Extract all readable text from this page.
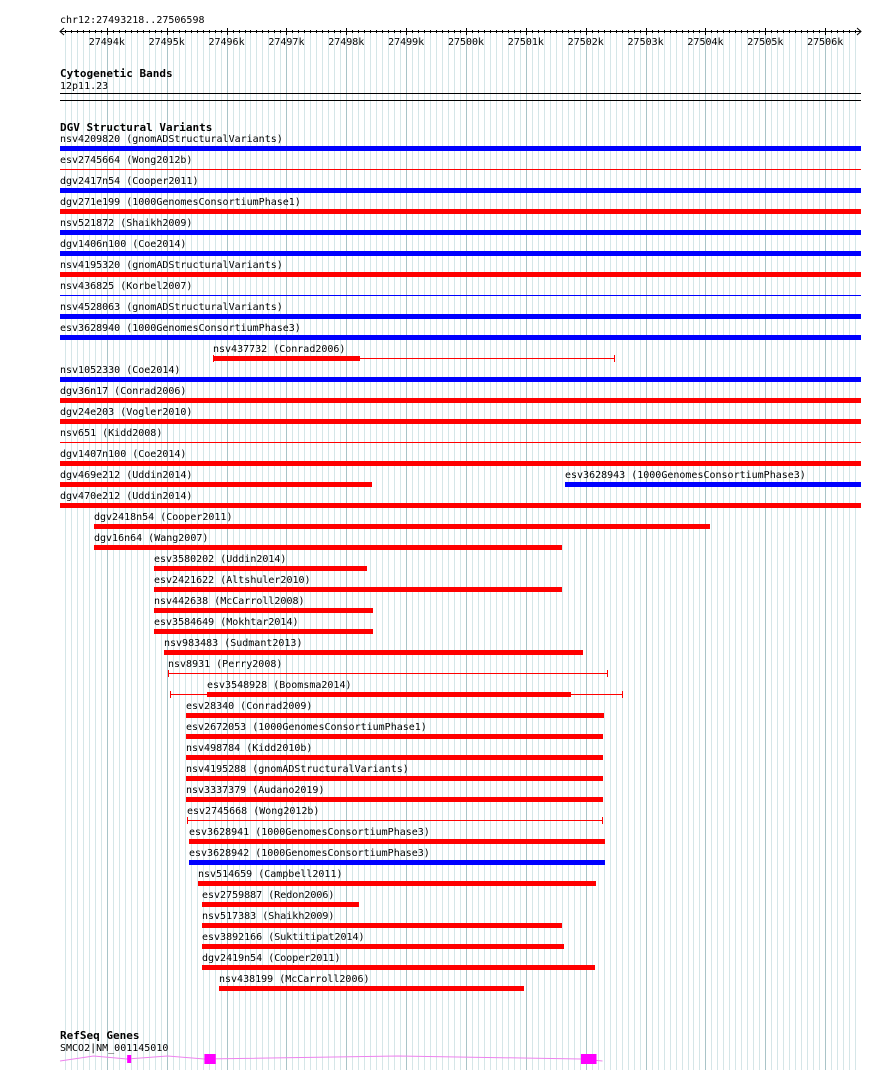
chr12:27493218..27506598
27494k 27495k 27496k 27497k 27498k 27499k 27500k 27501k 27502k 27503k 27504k 27505k 27506k
Cytogenetic Bands
12p11.23
DGV Structural Variants
nsv4209820 (gnomADStructuralVariants)
esv2745664 (Wong2012b)
dgv2417n54 (Cooper2011)
dgv271e199 (1000GenomesConsortiumPhase1)
nsv521872 (Shaikh2009)
dgv1406n100 (Coe2014)
nsv4195320 (gnomADStructuralVariants)
nsv436825 (Korbel2007)
nsv4528063 (gnomADStructuralVariants)
esv3628940 (1000GenomesConsortiumPhase3)
nsv437732 (Conrad2006)
nsv1052330 (Coe2014)
dgv36n17 (Conrad2006)
dgv24e203 (Vogler2010)
nsv651 (Kidd2008)
dgv1407n100 (Coe2014)
dgv469e212 (Uddin2014)	esv3628943 (1000GenomesConsortiumPhase3)
dgv470e212 (Uddin2014)
dgv2418n54 (Cooper2011)
dgv16n64 (Wang2007)
esv3580202 (Uddin2014)
esv2421622 (Altshuler2010)
nsv442638 (McCarroll2008)
esv3584649 (Mokhtar2014)
nsv983483 (Sudmant2013)
nsv8931 (Perry2008)
esv3548928 (Boomsma2014)
esv28340 (Conrad2009)
esv2672053 (1000GenomesConsortiumPhase1)
nsv498784 (Kidd2010b)
nsv4195288 (gnomADStructuralVariants)
nsv3337379 (Audano2019)
esv2745668 (Wong2012b)
esv3628941 (1000GenomesConsortiumPhase3)
esv3628942 (1000GenomesConsortiumPhase3)
nsv514659 (Campbell2011)
esv2759887 (Redon2006)
nsv517383 (Shaikh2009)
esv3892166 (Suktitipat2014)
dgv2419n54 (Cooper2011)
nsv438199 (McCarroll2006)
RefSeq Genes
SMCO2|NM_001145010
